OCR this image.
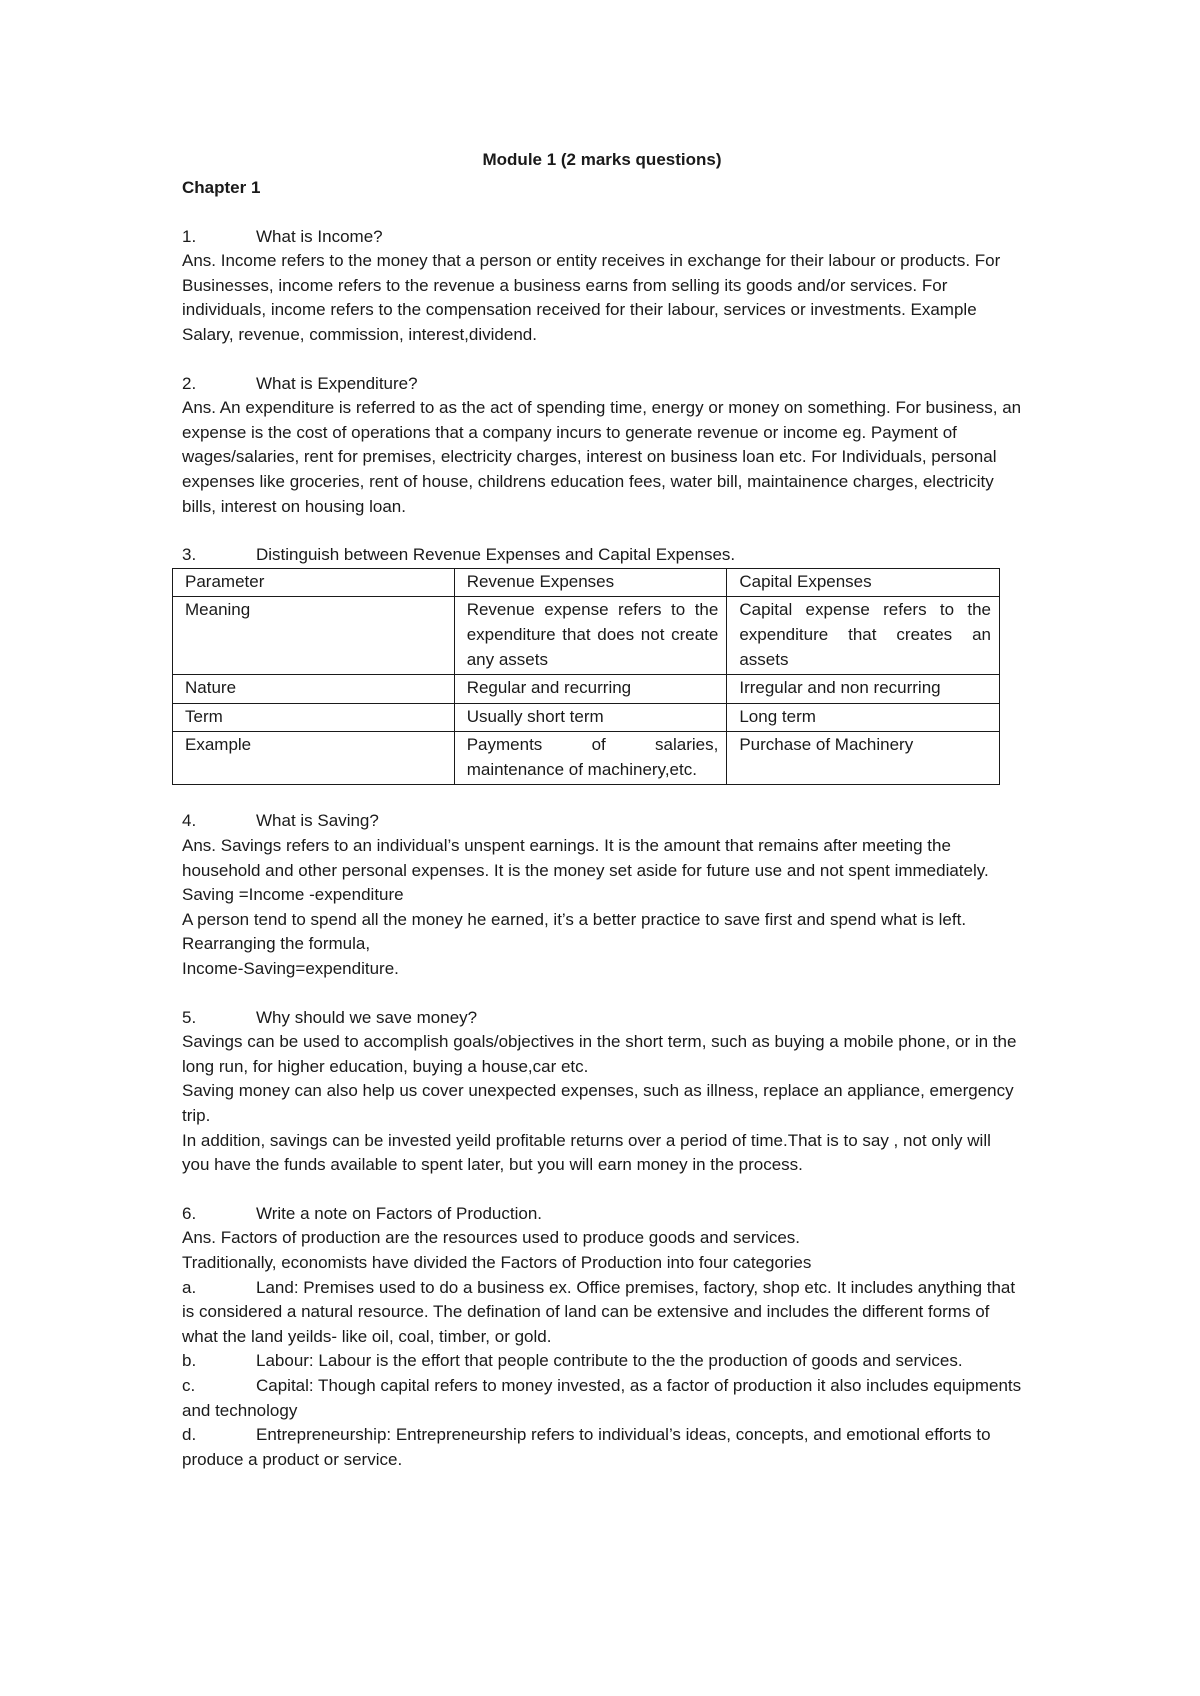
Module 1 (2 marks questions)

Chapter 1

1.	What is Income?

Ans. Income refers to the money that a person or entity receives in exchange for their labour or products. For Businesses, income refers to the revenue a business earns from selling its goods and/or services. For individuals, income refers to the compensation received for their labour, services or investments. Example Salary, revenue, commission, interest,dividend.

2.	What is Expenditure?

Ans. An expenditure is referred to as the act of spending time, energy or money on something. For business, an expense is the cost of operations that a company incurs to generate revenue or income eg. Payment of wages/salaries, rent for premises, electricity charges, interest on business loan etc. For Individuals, personal expenses like groceries, rent of house, childrens education fees, water bill, maintainence charges, electricity bills, interest on housing loan.

3.	Distinguish between Revenue Expenses and Capital Expenses.
Parameter	Revenue Expenses	Capital Expenses
Meaning	Revenue expense refers to the expenditure that does not create any assets	Capital expense refers to the expenditure that creates an assets
Nature	Regular and recurring	Irregular and non recurring
Term	Usually short term	Long term
Example	Payments of salaries, maintenance of machinery,etc.	Purchase of Machinery
4.	What is Saving?

Ans. Savings refers to an individual’s unspent earnings. It is the amount that remains after meeting the household and other personal expenses. It is the money set aside for future use and not spent immediately.

Saving =Income -expenditure

A person tend to spend all the money he earned, it’s a better practice to save first and spend what is left. Rearranging the formula,

Income-Saving=expenditure.

5.	Why should we save money?

Savings can be used to accomplish goals/objectives in the short term, such as buying a mobile phone, or in the long run, for higher education, buying a house,car etc.

Saving money can also help us cover unexpected expenses, such as illness, replace an appliance, emergency trip.

In addition, savings can be invested yeild profitable returns over a period of time.That is to say , not only will you have the funds available to spent later, but you will earn money in the process.

6.	Write a note on Factors of Production.

Ans. Factors of production are the resources used to produce goods and services.

Traditionally, economists have divided the Factors of Production into four categories

a.	Land: Premises used to do a business ex. Office premises, factory, shop etc. It includes anything that is considered a natural resource. The defination of land can be extensive and includes the different forms of what the land yeilds- like oil, coal, timber, or gold.
b.	Labour: Labour is the effort that people contribute to the the production of goods and services.
c.	Capital: Though capital refers to money invested, as a factor of production it also includes equipments and technology
d.	Entrepreneurship: Entrepreneurship refers to individual’s ideas, concepts, and emotional efforts to produce a product or service.
